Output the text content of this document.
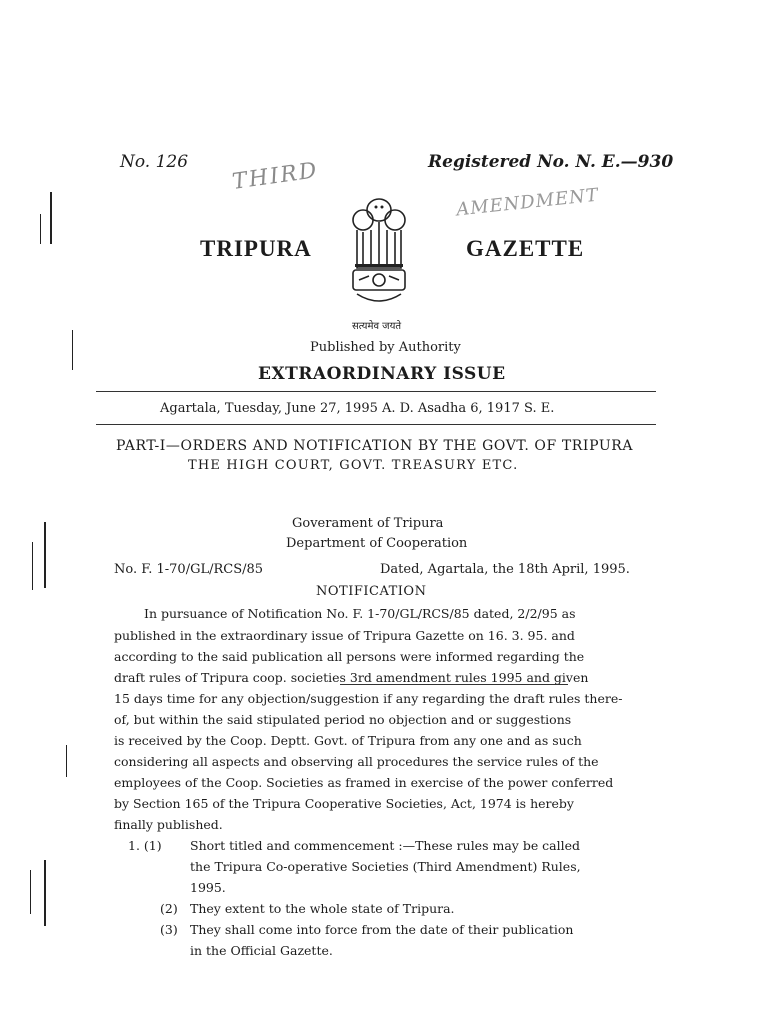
No. 126	Registered No. N. E.—930
THIRD
AMENDMENT
TRIPURA	GAZETTE
सत्यमेव जयते
Published by Authority
EXTRAORDINARY ISSUE
Agartala, Tuesday, June 27, 1995 A. D. Asadha 6, 1917 S. E.
PART-I—ORDERS AND NOTIFICATION BY THE GOVT. OF TRIPURA
THE HIGH COURT, GOVT. TREASURY ETC.
Goverament of Tripura
Department of Cooperation
No. F. 1-70/GL/RCS/85	Dated, Agartala, the 18th April, 1995.
NOTIFICATION
In pursuance of Notification No. F. 1-70/GL/RCS/85 dated, 2/2/95 as
published in the extraordinary issue of Tripura Gazette on 16. 3. 95. and
according to the said publication all persons were informed regarding the
draft rules of Tripura coop. societies 3rd amendment rules 1995 and given
15 days time for any objection/suggestion if any regarding the draft rules there-
of, but within the said stipulated period no objection and or suggestions
is received by the Coop. Deptt. Govt. of Tripura from any one and as such
considering all aspects and observing all procedures the service rules of the
employees of the Coop. Societies as framed in exercise of the power conferred
by Section 165 of the Tripura Cooperative Societies, Act, 1974 is hereby
finally published.
1. (1) Short titled and commencement :—These rules may be called
the Tripura Co-operative Societies (Third Amendment) Rules,
1995.
(2) They extent to the whole state of Tripura.
(3) They shall come into force from the date of their publication
in the Official Gazette.
